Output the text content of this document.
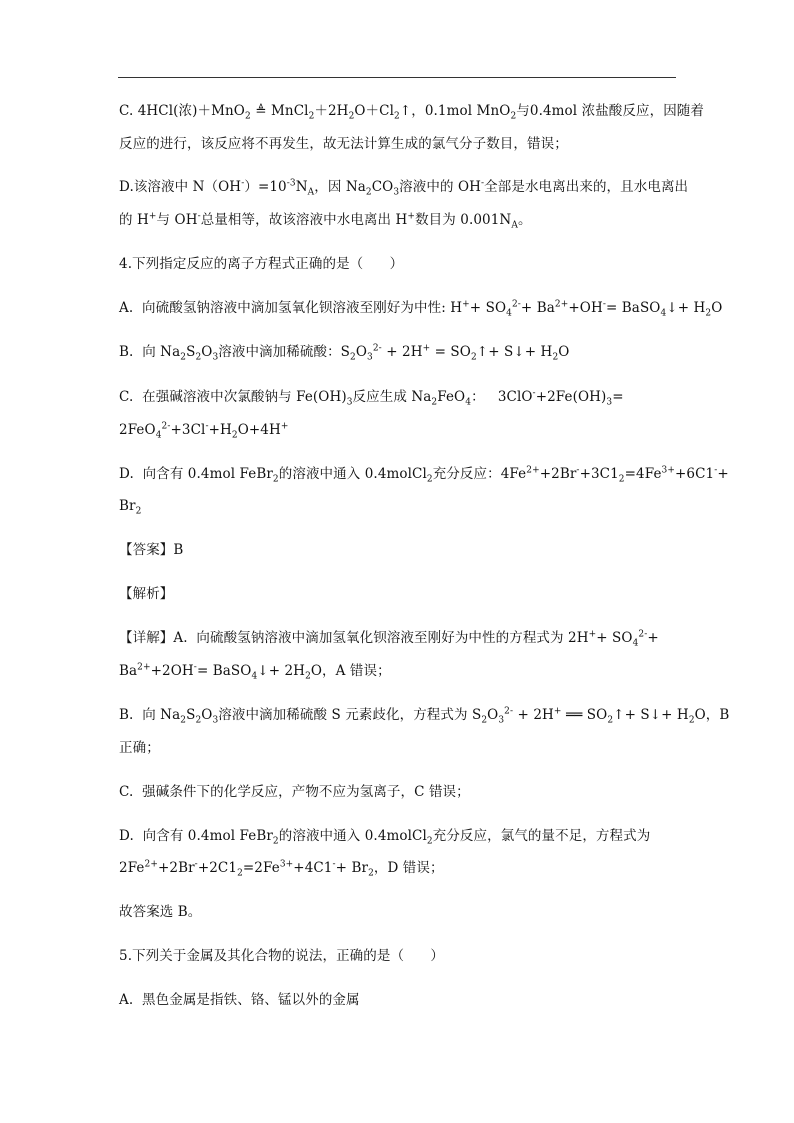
C. 4HCl(浓)＋MnO$_2$ ≜ $MnCl_2+2H_2O+Cl_2↑$，0.1mol MnO$_2$与0.4mol 浓盐酸反应，因随着
反应的进行，该反应将不再发生，故无法计算生成的氯气分子数目，错误；
D.该溶液中 $N(OH^-)=10^{-3}N_A$，因 $Na_2CO_3$溶液中的 OH-全部是水电离出来的，且水电离出
的 H+与 OH-总量相等，故该溶液中水电离出 H+数目为 $0.001N_A$。
4.下列指定反应的离子方程式正确的是（      ）
A.  向硫酸氢钠溶液中滴加氢氧化钡溶液至刚好为中性: $H^++ SO_4^{2-}+ Ba^{2+}+OH^-=$ BaSO$_4$↓+ $H_2O$
B.  向 $Na_2S_2O_3$溶液中滴加稀硫酸：$S_2O_3^{2-} + 2H^+$ = $SO_2↑+$ S↓+ $H_2O$
C.  在强碱溶液中次氯酸钠与 $Fe(OH)_3$反应生成 $Na_2FeO_4$：   $3ClO^-+2Fe(OH)_3=$
$2FeO_4^{2-}+3Cl^-+H_2O+4H^+$
D.  向含有 0.4mol FeBr$_2$的溶液中通入 0.4molCl$_2$充分反应：$4Fe^{2+}+2Br^-+3C1_2=4Fe^{3+}+6C1^-+$
$Br_2$
【答案】B
【解析】
【详解】A.  向硫酸氢钠溶液中滴加氢氧化钡溶液至刚好为中性的方程式为 $2H^++ SO_4^{2-}+$
$Ba^{2+}+2OH^-=$ BaSO$_4$↓+ $2H_2O$，A 错误；
B.  向 $Na_2S_2O_3$溶液中滴加稀硫酸 S 元素歧化，方程式为 $S_2O_3^{2-} + 2H^+$ ══ $SO_2↑+$ S↓+ $H_2O$，B
正确；
C.  强碱条件下的化学反应，产物不应为氢离子，C 错误；
D.  向含有 0.4mol FeBr$_2$的溶液中通入 0.4molCl$_2$充分反应，氯气的量不足，方程式为
$2Fe^{2+}+2Br^-+2C1_2=2Fe^{3+}+4C1^-+ Br_2$，D 错误；
故答案选 B。
5.下列关于金属及其化合物的说法，正确的是（      ）
A.  黑色金属是指铁、铬、锰以外的金属
